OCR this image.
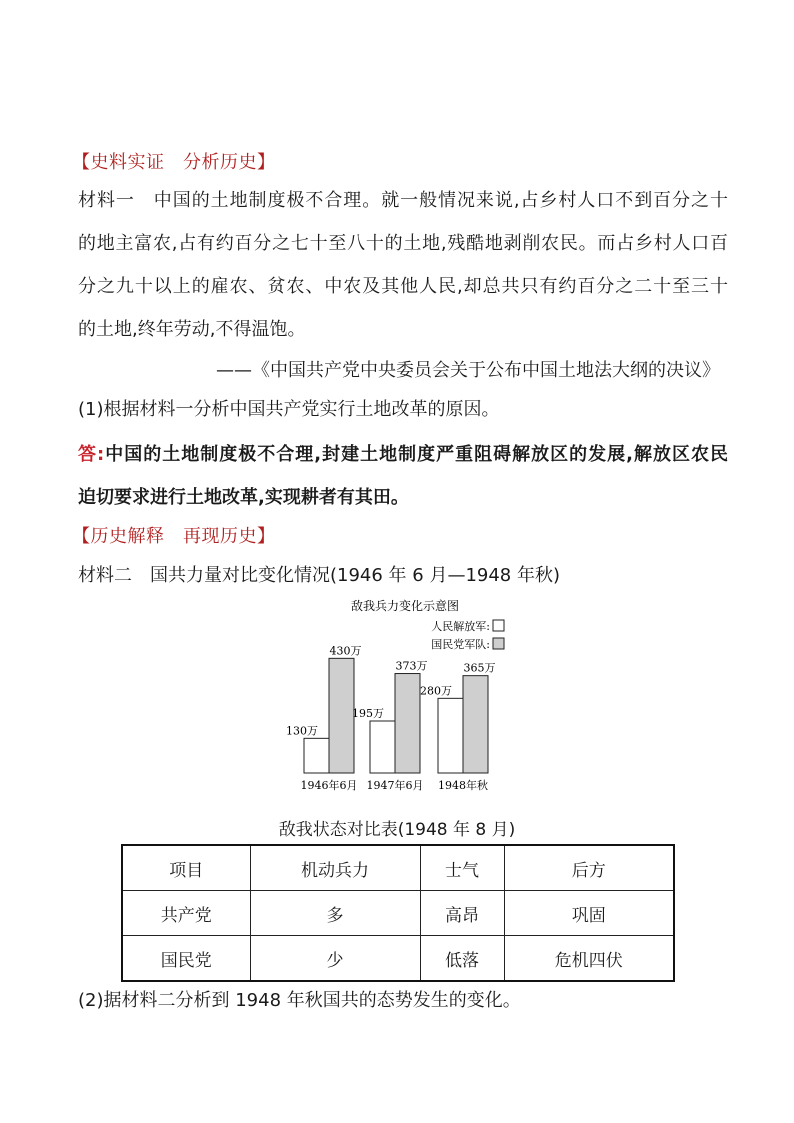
【史料实证　分析历史】
材料一　中国的土地制度极不合理。就一般情况来说,占乡村人口不到百分之十
的地主富农,占有约百分之七十至八十的土地,残酷地剥削农民。而占乡村人口百
分之九十以上的雇农、贫农、中农及其他人民,却总共只有约百分之二十至三十
的土地,终年劳动,不得温饱。
——《中国共产党中央委员会关于公布中国土地法大纲的决议》
(1)根据材料一分析中国共产党实行土地改革的原因。
答:中国的土地制度极不合理,封建土地制度严重阻碍解放区的发展,解放区农民
迫切要求进行土地改革,实现耕者有其田。
【历史解释　再现历史】
材料二　国共力量对比变化情况(1946 年 6 月—1948 年秋)
敌我兵力变化示意图
人民解放军:
国民党军队:
130万
430万
1946年6月
195万
373万
1947年6月
280万
365万
1948年秋
敌我状态对比表(1948 年 8 月)
项目	机动兵力	士气	后方
共产党	多	高昂	巩固
国民党	少	低落	危机四伏
(2)据材料二分析到 1948 年秋国共的态势发生的变化。
